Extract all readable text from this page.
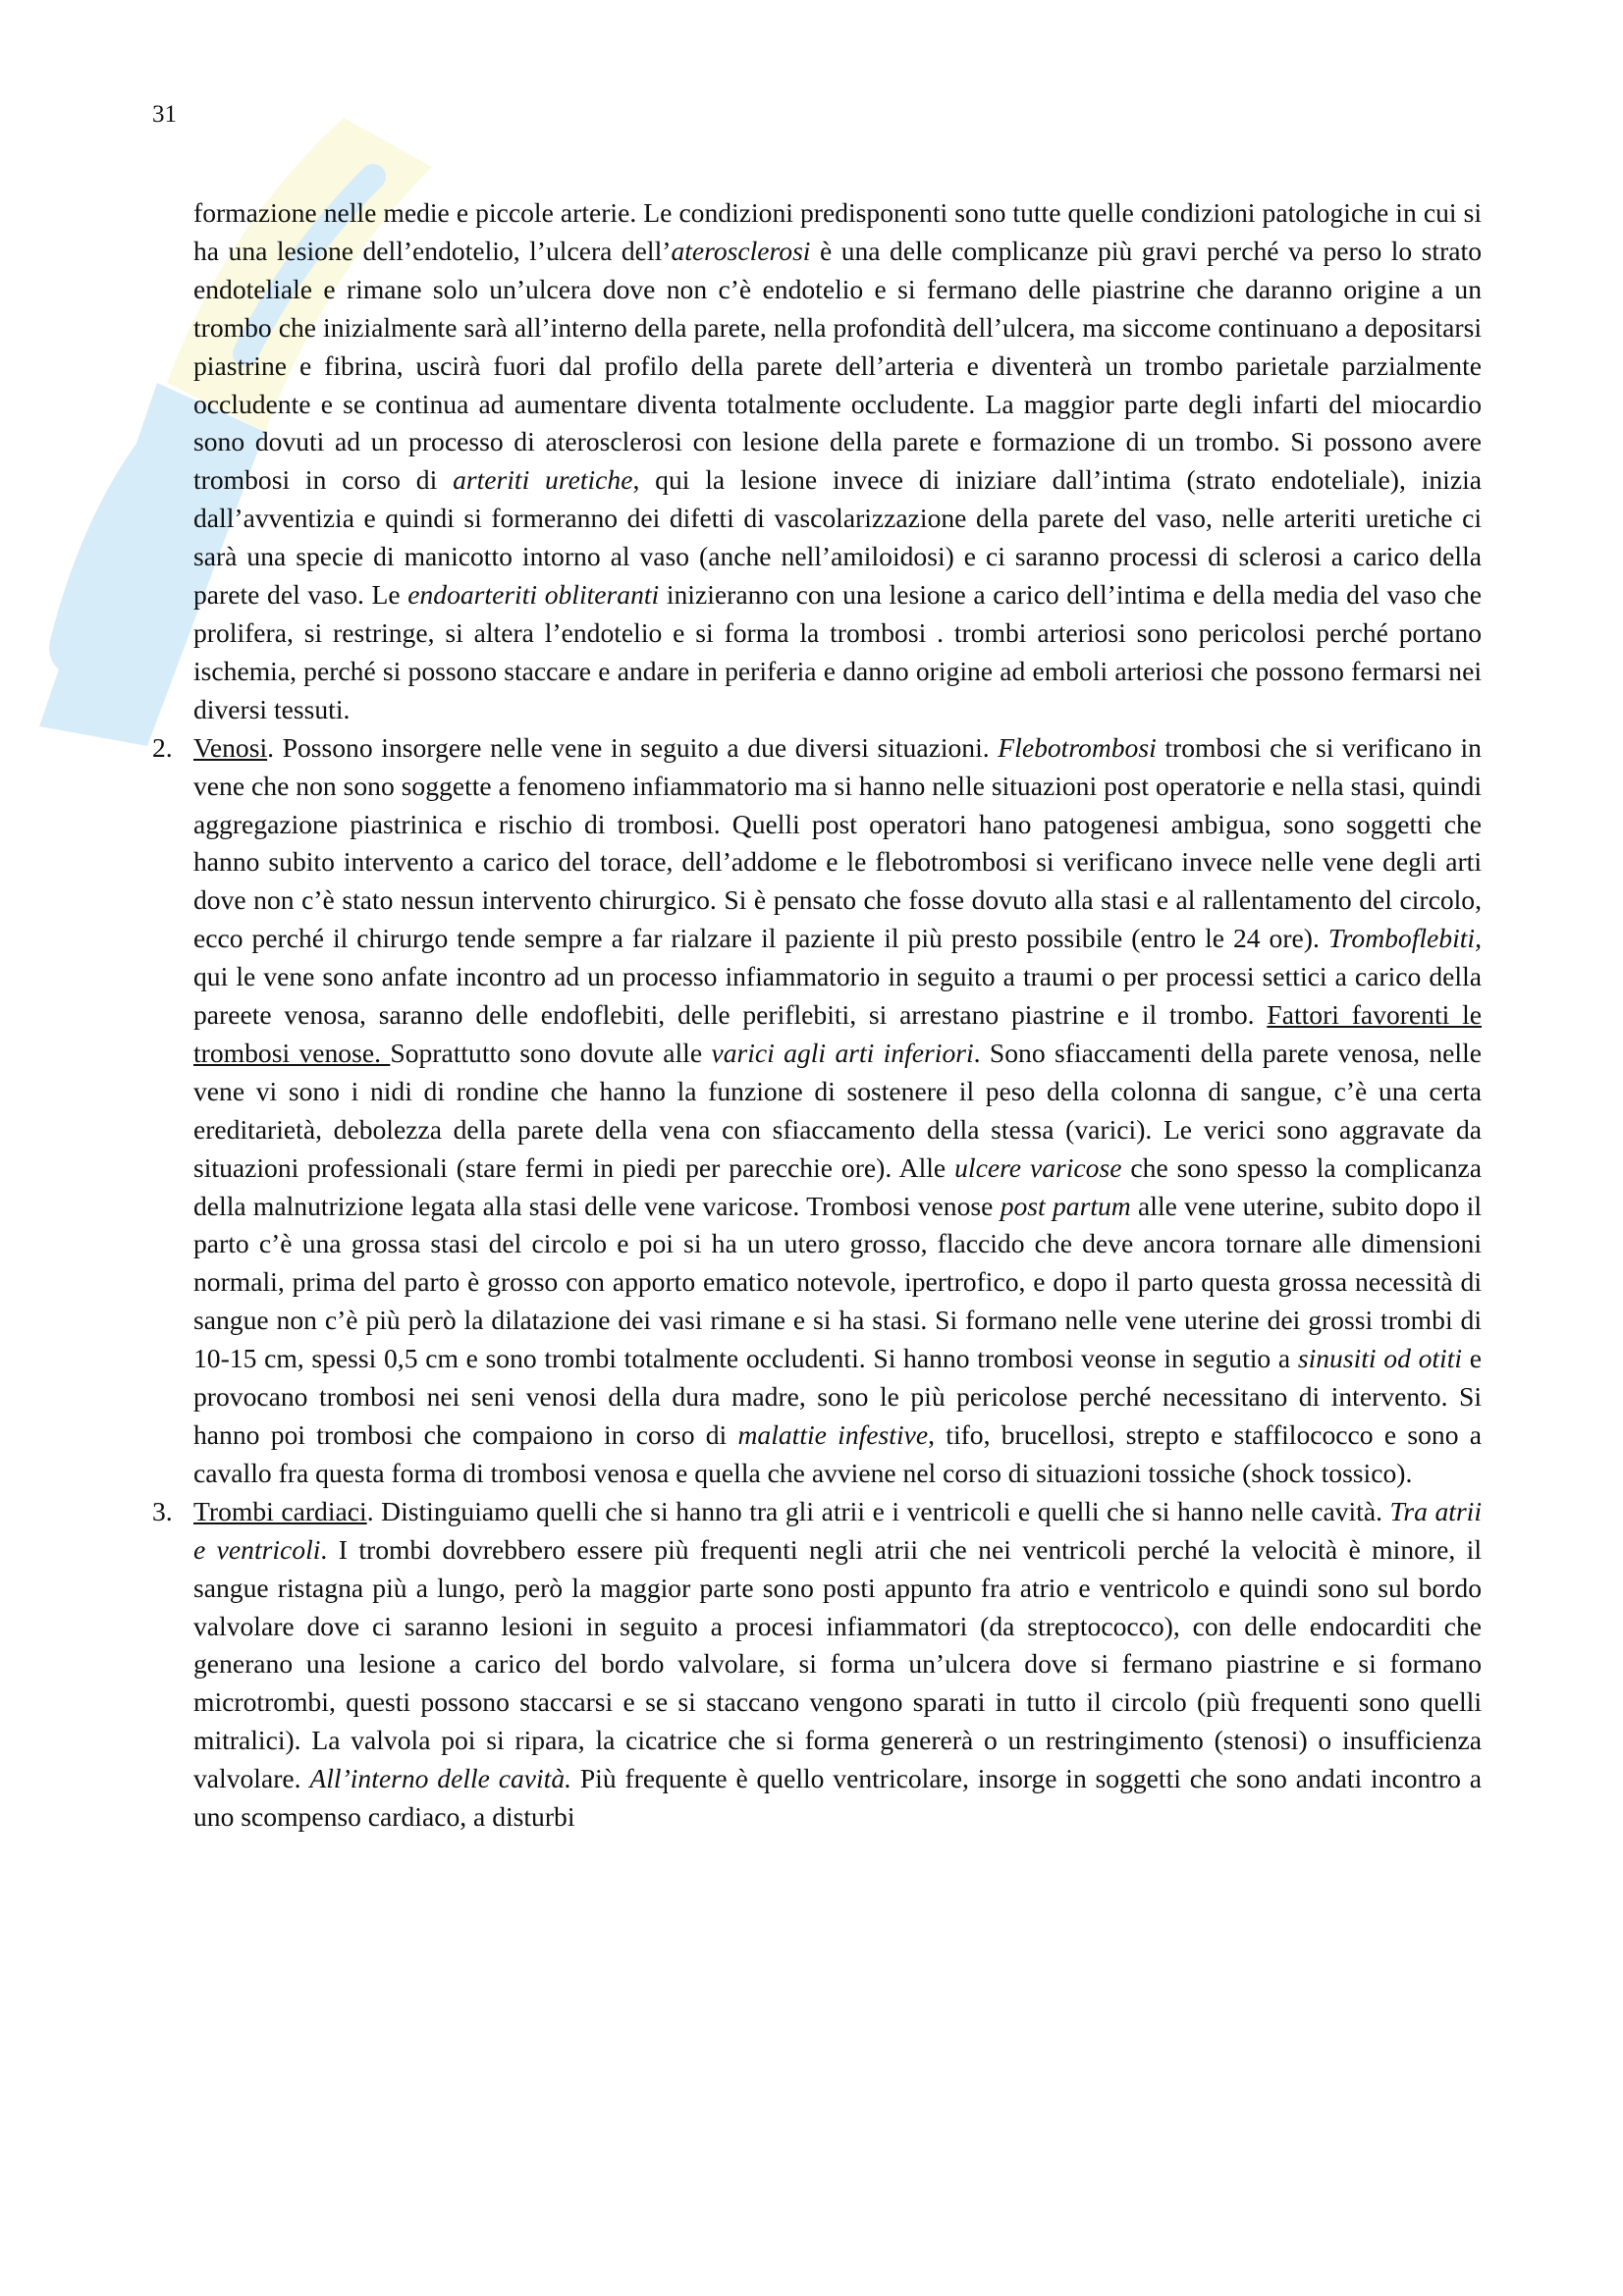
31

formazione nelle medie e piccole arterie. Le condizioni predisponenti sono tutte quelle condizioni patologiche in cui si ha una lesione dell’endotelio, l’ulcera dell’aterosclerosi è una delle complicanze più gravi perché va perso lo strato endoteliale e rimane solo un’ulcera dove non c’è endotelio e si fermano delle piastrine che daranno origine a un trombo che inizialmente sarà all’interno della parete, nella profondità dell’ulcera, ma siccome continuano a depositarsi piastrine e fibrina, uscirà fuori dal profilo della parete dell’arteria e diventerà un trombo parietale parzialmente occludente e se continua ad aumentare diventa totalmente occludente. La maggior parte degli infarti del miocardio sono dovuti ad un processo di aterosclerosi con lesione della parete e formazione di un trombo. Si possono avere trombosi in corso di arteriti uretiche, qui la lesione invece di iniziare dall’intima (strato endoteliale), inizia dall’avventizia e quindi si formeranno dei difetti di vascolarizzazione della parete del vaso, nelle arteriti uretiche ci sarà una specie di manicotto intorno al vaso (anche nell’amiloidosi) e ci saranno processi di sclerosi a carico della parete del vaso. Le endoarteriti obliteranti inizieranno con una lesione a carico dell’intima e della media del vaso che prolifera, si restringe, si altera l’endotelio e si forma la trombosi . trombi arteriosi sono pericolosi perché portano ischemia, perché si possono staccare e andare in periferia e danno origine ad emboli arteriosi che possono fermarsi nei diversi tessuti.

2. Venosi. Possono insorgere nelle vene in seguito a due diversi situazioni. Flebotrombosi trombosi che si verificano in vene che non sono soggette a fenomeno infiammatorio ma si hanno nelle situazioni post operatorie e nella stasi, quindi aggregazione piastrinica e rischio di trombosi. Quelli post operatori hano patogenesi ambigua, sono soggetti che hanno subito intervento a carico del torace, dell’addome e le flebotrombosi si verificano invece nelle vene degli arti dove non c’è stato nessun intervento chirurgico. Si è pensato che fosse dovuto alla stasi e al rallentamento del circolo, ecco perché il chirurgo tende sempre a far rialzare il paziente il più presto possibile (entro le 24 ore). Tromboflebiti, qui le vene sono anfate incontro ad un processo infiammatorio in seguito a traumi o per processi settici a carico della pareete venosa, saranno delle endoflebiti, delle periflebiti, si arrestano piastrine e il trombo. Fattori favorenti le trombosi venose. Soprattutto sono dovute alle varici agli arti inferiori. Sono sfiaccamenti della parete venosa, nelle vene vi sono i nidi di rondine che hanno la funzione di sostenere il peso della colonna di sangue, c’è una certa ereditarietà, debolezza della parete della vena con sfiaccamento della stessa (varici). Le verici sono aggravate da situazioni professionali (stare fermi in piedi per parecchie ore). Alle ulcere varicose che sono spesso la complicanza della malnutrizione legata alla stasi delle vene varicose. Trombosi venose post partum alle vene uterine, subito dopo il parto c’è una grossa stasi del circolo e poi si ha un utero grosso, flaccido che deve ancora tornare alle dimensioni normali, prima del parto è grosso con apporto ematico notevole, ipertrofico, e dopo il parto questa grossa necessità di sangue non c’è più però la dilatazione dei vasi rimane e si ha stasi. Si formano nelle vene uterine dei grossi trombi di 10-15 cm, spessi 0,5 cm e sono trombi totalmente occludenti. Si hanno trombosi veonse in segutio a sinusiti od otiti e provocano trombosi nei seni venosi della dura madre, sono le più pericolose perché necessitano di intervento. Si hanno poi trombosi che compaiono in corso di malattie infestive, tifo, brucellosi, strepto e staffilococco e sono a cavallo fra questa forma di trombosi venosa e quella che avviene nel corso di situazioni tossiche (shock tossico).

3. Trombi cardiaci. Distinguiamo quelli che si hanno tra gli atrii e i ventricoli e quelli che si hanno nelle cavità. Tra atrii e ventricoli. I trombi dovrebbero essere più frequenti negli atrii che nei ventricoli perché la velocità è minore, il sangue ristagna più a lungo, però la maggior parte sono posti appunto fra atrio e ventricolo e quindi sono sul bordo valvolare dove ci saranno lesioni in seguito a procesi infiammatori (da streptococco), con delle endocarditi che generano una lesione a carico del bordo valvolare, si forma un’ulcera dove si fermano piastrine e si formano microtrombi, questi possono staccarsi e se si staccano vengono sparati in tutto il circolo (più frequenti sono quelli mitralici). La valvola poi si ripara, la cicatrice che si forma genererà o un restringimento (stenosi) o insufficienza valvolare. All’interno delle cavità. Più frequente è quello ventricolare, insorge in soggetti che sono andati incontro a uno scompenso cardiaco, a disturbi
